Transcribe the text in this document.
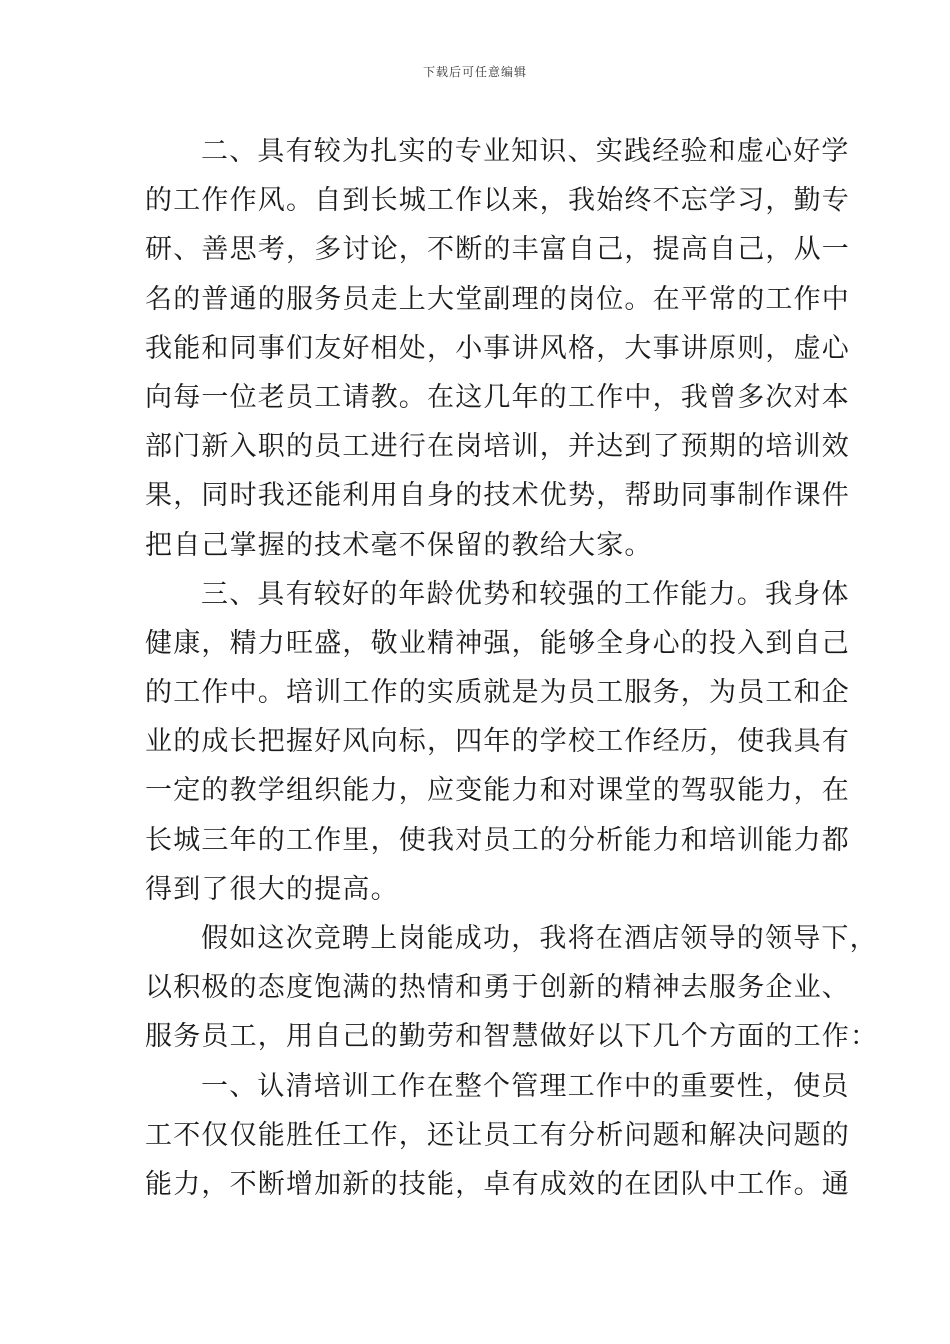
下载后可任意编辑
二、具有较为扎实的专业知识、实践经验和虚心好学
的工作作风。自到长城工作以来，我始终不忘学习，勤专
研、善思考，多讨论，不断的丰富自己，提高自己，从一
名的普通的服务员走上大堂副理的岗位。在平常的工作中
我能和同事们友好相处，小事讲风格，大事讲原则，虚心
向每一位老员工请教。在这几年的工作中，我曾多次对本
部门新入职的员工进行在岗培训，并达到了预期的培训效
果，同时我还能利用自身的技术优势，帮助同事制作课件
把自己掌握的技术毫不保留的教给大家。
三、具有较好的年龄优势和较强的工作能力。我身体
健康，精力旺盛，敬业精神强，能够全身心的投入到自己
的工作中。培训工作的实质就是为员工服务，为员工和企
业的成长把握好风向标，四年的学校工作经历，使我具有
一定的教学组织能力，应变能力和对课堂的驾驭能力，在
长城三年的工作里，使我对员工的分析能力和培训能力都
得到了很大的提高。
假如这次竞聘上岗能成功，我将在酒店领导的领导下，
以积极的态度饱满的热情和勇于创新的精神去服务企业、
服务员工，用自己的勤劳和智慧做好以下几个方面的工作：
一、认清培训工作在整个管理工作中的重要性，使员
工不仅仅能胜任工作，还让员工有分析问题和解决问题的
能力，不断增加新的技能，卓有成效的在团队中工作。通
